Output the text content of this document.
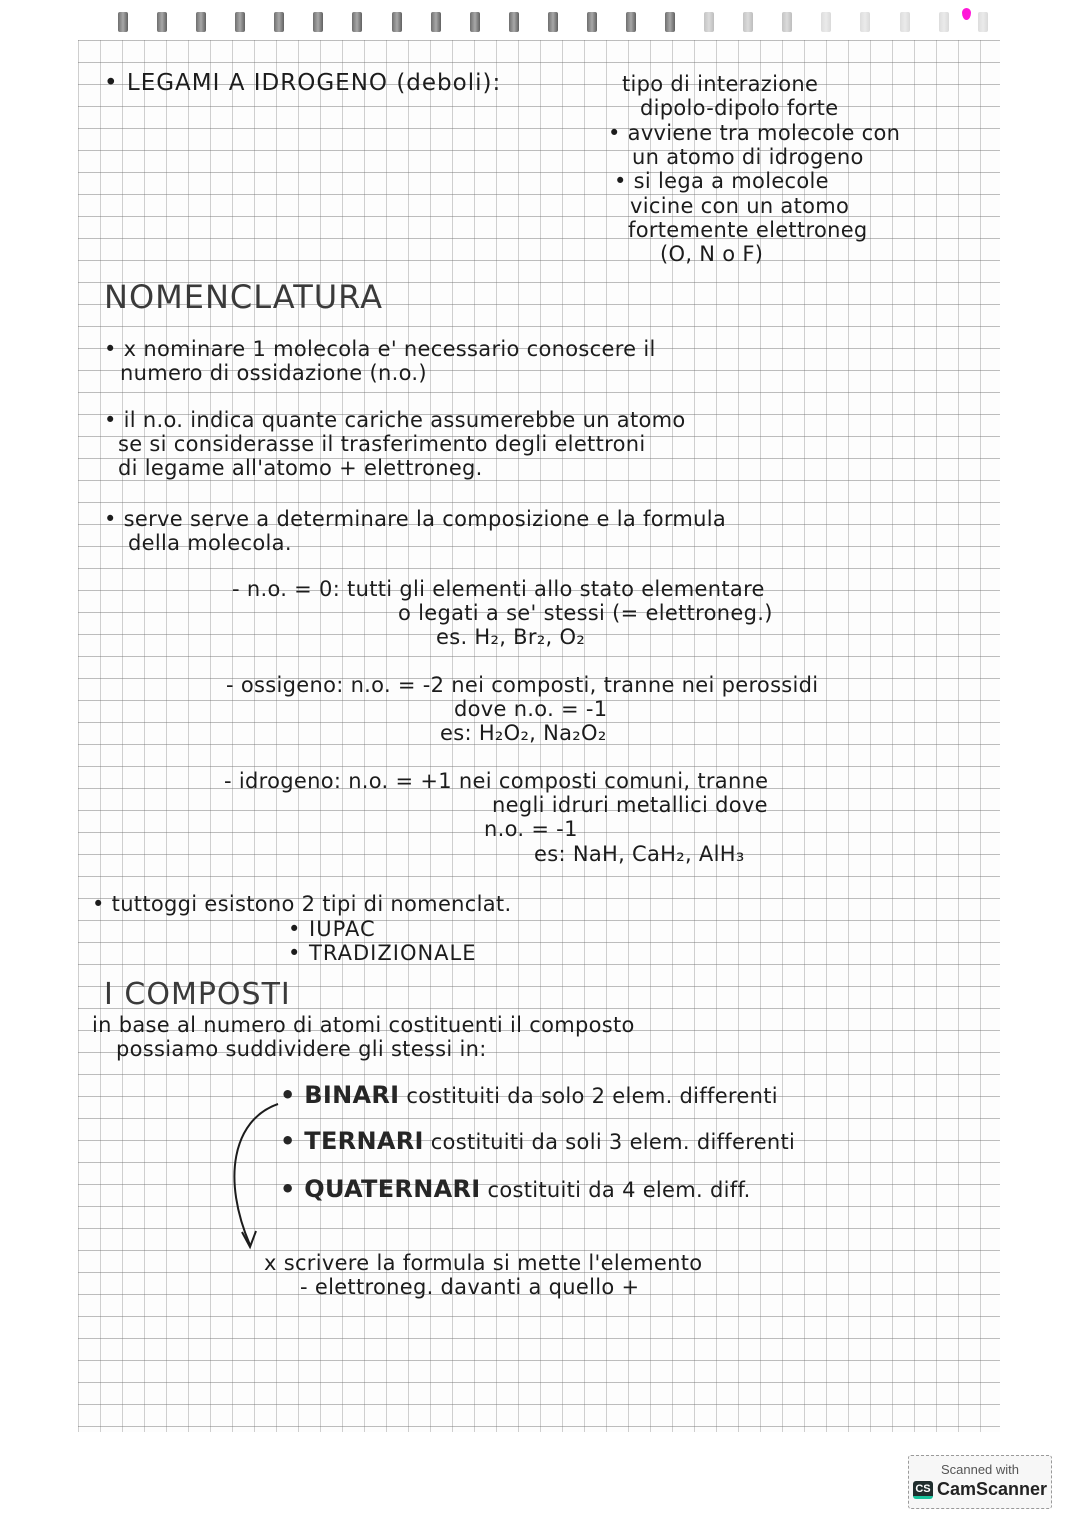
• LEGAMI A IDROGENO (deboli):	tipo di interazione
dipolo-dipolo forte
• avviene tra molecole con
un atomo di idrogeno
• si lega a molecole
vicine con un atomo
fortemente elettroneg
(O, N o F)
NOMENCLATURA
• x nominare 1 molecola e' necessario conoscere il
numero di ossidazione (n.o.)
• il n.o. indica quante cariche assumerebbe un atomo
se si considerasse il trasferimento degli elettroni
di legame all'atomo + elettroneg.
• serve serve a determinare la composizione e la formula
della molecola.
- n.o. = 0: tutti gli elementi allo stato elementare
o legati a se' stessi (= elettroneg.)
es. H₂, Br₂, O₂
- ossigeno: n.o. = -2 nei composti, tranne nei perossidi
dove n.o. = -1
es: H₂O₂, Na₂O₂
- idrogeno: n.o. = +1 nei composti comuni, tranne
negli idruri metallici dove
n.o. = -1
es: NaH, CaH₂, AlH₃
• tuttoggi esistono 2 tipi di nomenclat.
• IUPAC
• TRADIZIONALE
I COMPOSTI
in base al numero di atomi costituenti il composto
possiamo suddividere gli stessi in:
• BINARI costituiti da solo 2 elem. differenti
• TERNARI costituiti da soli 3 elem. differenti
• QUATERNARI costituiti da 4 elem. diff.
x scrivere la formula si mette l'elemento
- elettroneg. davanti a quello +
Scanned with
CS CamScanner
